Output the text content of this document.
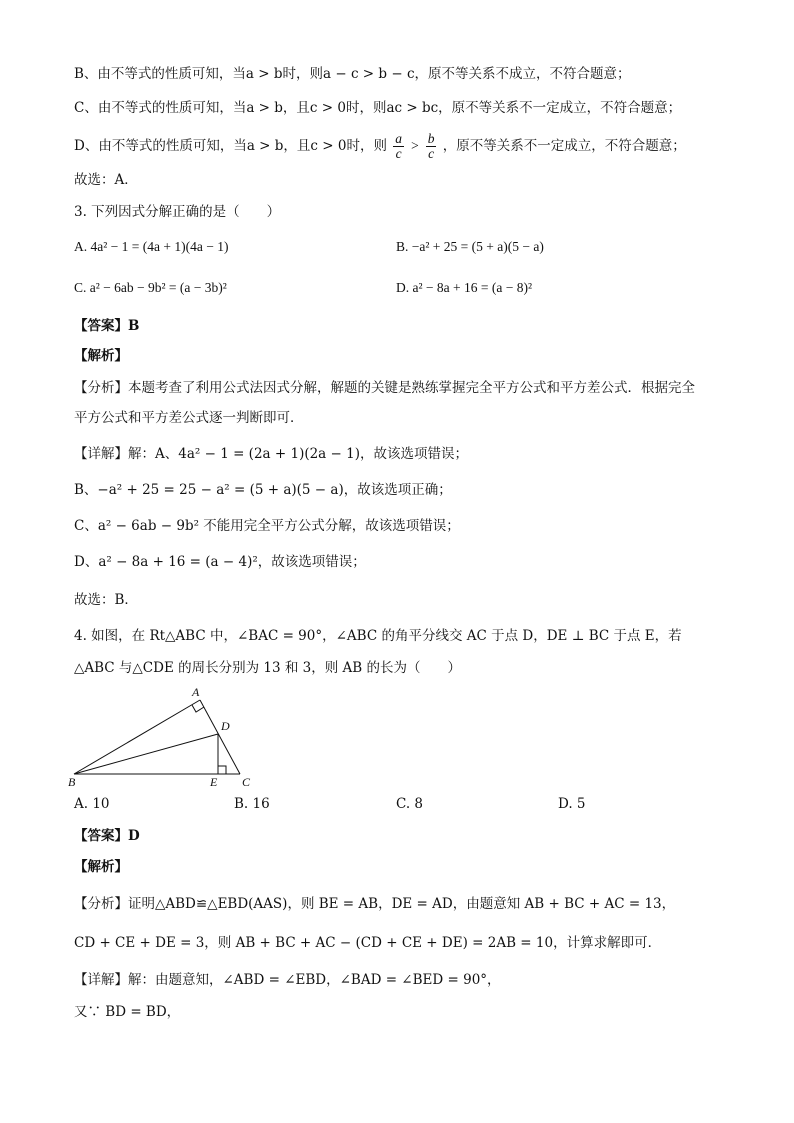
B、由不等式的性质可知，当a > b时，则a − c > b − c，原不等关系不成立，不符合题意；
C、由不等式的性质可知，当a > b，且c > 0时，则ac > bc，原不等关系不一定成立，不符合题意；
D、由不等式的性质可知，当a > b，且c > 0时，则 $\frac{a}{c} > \frac{b}{c}$ ，原不等关系不一定成立，不符合题意；
故选：A．
3. 下列因式分解正确的是（　　）
A. 4a² − 1 = (4a + 1)(4a − 1)	B. −a² + 25 = (5 + a)(5 − a)
C. a² − 6ab − 9b² = (a − 3b)²	D. a² − 8a + 16 = (a − 8)²
【答案】B
【解析】
【分析】本题考查了利用公式法因式分解，解题的关键是熟练掌握完全平方公式和平方差公式．根据完全
平方公式和平方差公式逐一判断即可．
【详解】解：A、4a² − 1 = (2a + 1)(2a − 1)，故该选项错误；
B、−a² + 25 = 25 − a² = (5 + a)(5 − a)，故该选项正确；
C、a² − 6ab − 9b² 不能用完全平方公式分解，故该选项错误；
D、a² − 8a + 16 = (a − 4)²，故该选项错误；
故选：B．
4. 如图，在 Rt△ABC 中，∠BAC = 90°，∠ABC 的角平分线交 AC 于点 D，DE ⊥ BC 于点 E，若
△ABC 与△CDE 的周长分别为 13 和 3，则 AB 的长为（　　）
A
B	C
D
E
A. 10	B. 16	C. 8	D. 5
【答案】D
【解析】
【分析】证明△ABD≌△EBD(AAS)，则 BE = AB，DE = AD，由题意知 AB + BC + AC = 13，
CD + CE + DE = 3，则 AB + BC + AC − (CD + CE + DE) = 2AB = 10，计算求解即可．
【详解】解：由题意知，∠ABD = ∠EBD，∠BAD = ∠BED = 90°，
又∵ BD = BD，
